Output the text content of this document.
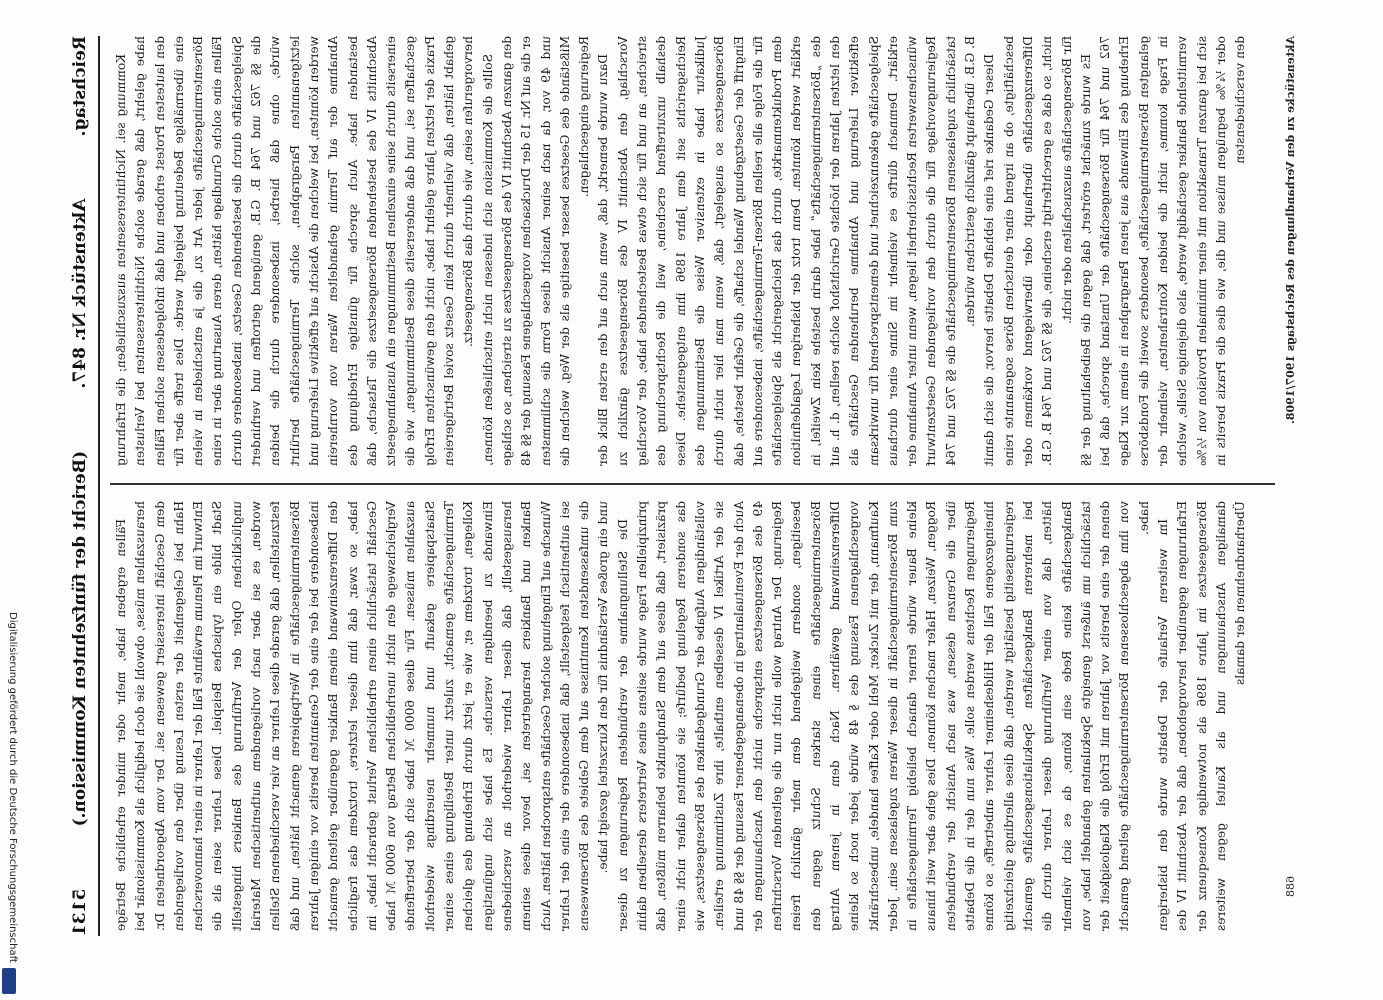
Reichstag.
Aktenstück Nr. 847.
(Bericht der fünfzehnten Kommission.)
5131

Kommung sei. Nichtinteressenten auszuschließen; die Erfahrung habe gelehrt, daß gerade solche Nichtinteressenten bei Verlusten den lautesten Protest erhoben und daß infolgedessen solchen Fällen eine übermäßige Bedeutung beigelegt werde. Dies treffe aber für Börsentermingeschäfte jeder Art zu, die ja entschieden in vielen Fällen eine solche Grundlage hätten, deren Ausartung aber in reine Spielgeschäfte durch die bestehenden Gesetze, insbesondere durch die §§ 762 und 764 B. G.B. genügend getroffen und verhindert würde, ohne daß hierbei, insbesondere durch die beiden letztgenannten Paragraphen, solche Termingeschäfte berührt werden könnten, bei welchen die Absicht auf effektive Lieferung und Abnahme der auf Termin gehandelten Waren von vornherein bestanden habe. Auch spreche für günstige Erledigung des Abschnitts IV des bestehenden Börsengesetzes die Tatsache, daß einerseits durch seine einzelnen Bestimmungen ein Ausnahmegesetz geschaffen sei, und daß andererseits diese Bestimmungen, wie die Praxis der letzten Jahre gelehrt habe, nicht den gewünschten Erfolg gehabt hätten, daß vielmehr durch kein Gesetz soviel Betrügereien hervorgerufen seien, wie durch das Börsengesetz. Sollte die Kommission sich indessen nicht entschließen können, den ganzen Abschnitt IV des Börsengesetzes zu streichen, so schlage er die auf Nr. 15 der Drucksachen vorgeschlagene Fassung der §§ 48 und 49 vor, da nach seiner Ansicht diese Form die schlimmsten Mißstände des Gesetzes besser beseitige als der Weg, welchen die Regierung eingeschlagen. Dazu wurde bemerkt, daß, wenn auch auf den ersten Blick der Vorschlag, den Abschnitt IV des Börsengesetzes gänzlich zu streichen, an und für sich etwas Bestechendes habe, der Vorschlag deshalb unzutreffend erscheine, weil die Rechtsprechung des Reichsgerichts seit dem Jahre 1896 ihm entgegenstehe. Diese Judikatur habe in extensiver Weise die Bestimmungen des Börsengesetzes so ausgelegt, daß, wenn man hier nicht durch Eingriff der Gesetzgebung Wandel schaffe, die Gefahr bestehe, daß für die Folge alle reellen Börsen-Termingeschäfte, insbesondere auf dem Produktenmarkte, durch das Reichsgericht als Spielgeschäfte erklärt werden könnten. Denn trotz der bisherigen Legaldefinition des „Börsentermingeschäfts“ habe darin bestehe kein Zweifel, in den letzten Jahren der höchste Gerichtshof solche reellen, d. h. auf effektiver Lieferung und Abnahme beruhenden Geschäfte als Spielgeschäfte gekennzeichnet und dementsprechend für unwirksam erklärt. Demnach dürfte es vielmehr im Sinne einer durchaus wünschenswerten Rechtssicherheit liegen, wenn unter Annahme der Regierungsvorlage für die durch den vorliegenden Gesetzentwurf tatsächlich zugelassenen Börsentermingeschäfte die §§ 762 und 764 B. G.B. überhaupt gänzlich gestrichen würden. Dieser Gedanke rief eine lebhafte Debatte hervor, die sich damit beschäftigte, ob an irgend einer deutschen Börse sogenannte reine Differenzgeschäfte überhaupt oder überwiegend vorkämen oder nicht, so daß es gerechtfertigt erscheine, die §§ 762 und 764 B. G.B. für Börsengeschäfte auszuschalten oder nicht. Es wurde zunächst erörtert, daß gegen die Beibehaltung der §§ 762 und 764 für Börsengeschäfte der Umstand spreche, daß bei Erhebung des Einwands aus jenen Paragraphen in einem zur Klage gelangten Börsentermingeschäfte, besonders soweit die Fondsbörse in Frage komme, nicht die beiden Kontrahenten, vielmehr der vermittelnde Bankier geschädigt werde, also diejenige Stelle, welche sich bei ganzen Transaktion mit einer minimalen Provision von ½‰ oder ¼‰ begnügen müsse und die, wie dies die Praxis bereits in den verschiedensten

Fällen ergeben habe, mehr oder minder erhebliche Beträge herauszahlen müsse, obwohl sie doch lediglich als Kommissionär bei dem Geschäft interessiert gewesen sei. Der vom Abgeordneten Dr. Hahn bei Gelegenheit der ersten Lesung über den vorliegenden Entwurf im Plenum erwähnte Fall der Lehrer in einer hannoverschen Stadt bilde ein typisches Beispiel. Diese Lehrer seien als die unglücklichen Opfer der Verführung des Bankiers hingestellt worden, es sei aber nach vorliegendem authentischen Material festzustellen, daß gerade diese Lehrer an vier verschiedenen Stellen Börsentermingeschäfte in Wertpapieren gemacht hätten, und daß insbesondere bei der eine der Genannten bereits vor einigen Jahren den Differenzeinwand einem Bankier gegenüber geltend gemacht habe, so zwar, daß ihm dieser letztere, trotzdem das fragliche Geschäft tatsächlich einen erheblichen Verlust gebracht habe, im Vergleichswege den nicht unerheblichen Betrag von 6000 ℳ habe auszahlen müssen. Für diese 6000 ℳ habe sich der betreffende Staatspapiere gekauft und nunmehr neuerdings wiederholt Termingeschäfte gemacht, zuletzt unter Beteiligung eines seiner Kollegen, trotzdem er, wie er jetzt durch Erhebung des gleichen Einwands zu beendigen versuche. Es habe sich ungünstigen herausgestellt, daß dieser Lehrer wiederholt an verschiedene Banken und Bankiers herangetreten sei, bevor diese seinem Wunsche auf Eingehung solcher Geschäfte entsprochen hätten. Auch sei authentisch festgestellt, daß insbesondere der eine der Lehrer die umfassendsten Kenntnisse auf dem Gebiete des Börsenwesens und ein großes Verständnis für den Kurszettel gezeigt habe. Die Stellungnahme der verbündeten Regierungen zu dieser prinzipiellen Frage wurde seitens eines Vertreters derselben dahin präzisiert, daß diese auf dem Standpunkte beharren müßten, daß das sonderen Regelung bedürfe; sie könnten daher nicht einer vollständigen Aufgabe der Grundgedanken des Börsengesetzes, wie sie der Artikel IV desselben enthalte, ihre Zustimmung erteilen. Auch der Eventualantrag in obenangegebener Fassung der §§ 48 und 49 des Börsengesetzes entspreche nicht den Anschauungen der Regierung. Der Antrag wolle nicht nur die geltenden Vorschriften beseitigen, sondern weitgehend dem mehr gänzlich freien Börsentermingeschäfte einen starken Schutz gegen den Differenzeinwand gewähren. Nach dem in jenem Antrag vorgeschlagenen Fassung des § 48 würde jeder noch so kleine Kaufmann, der mit Zucker, Mehl oder Kaffee handele, unbeschränkt zum Börsentermingeschäft in dieser Waren zugelassen sein. Jeder kleine Bauer würde ferner danach beliebig Termingeschäfte in Roggen, Weizen, Hafer machen können. Dies gehe aber weit hinaus über die Grenzen dessen, was nach Ansicht der verbündeten Regierungen Rechtens werden solle. Was nun der in die Debatte hineingezogene Fall der Hildesheimer Lehrer anbetreffe, so könne regierungsseitig bestätigt werden, daß diese allerdings gleichzeitig bei mehreren Bankgeschäften Spekulationsgeschäfte gemacht hätten, daß von einer Verführung dieser Lehrer durch die Bankgeschäfte keine Rede sein könne, da es sich vielmehr tatsächlich um äußerst geneigte Spekulanten gehandelt habe, von denen der eine bereits vor Jahren mit Erfolg die Klaglosigkeit der von ihm abgeschlossenen Börsentermingeschäfte geltend gemacht habe.

Im weiteren Verlaufe der Debatte wurde den bisherigen Erfahrungen gegenüber hervorgehoben, daß der Abschnitt IV des Börsengesetzes im Jahre 1896 als notwendige Konsequenz der damaligen Anschauungen und als Kautel gegen weiteres Überhandnehmen der damals

Aktenstücke zu den Verhandlungen des Reichstags 1907/1908.
688
Digitalisierung gefördert durch die Deutsche Forschungsgemeinschaft
